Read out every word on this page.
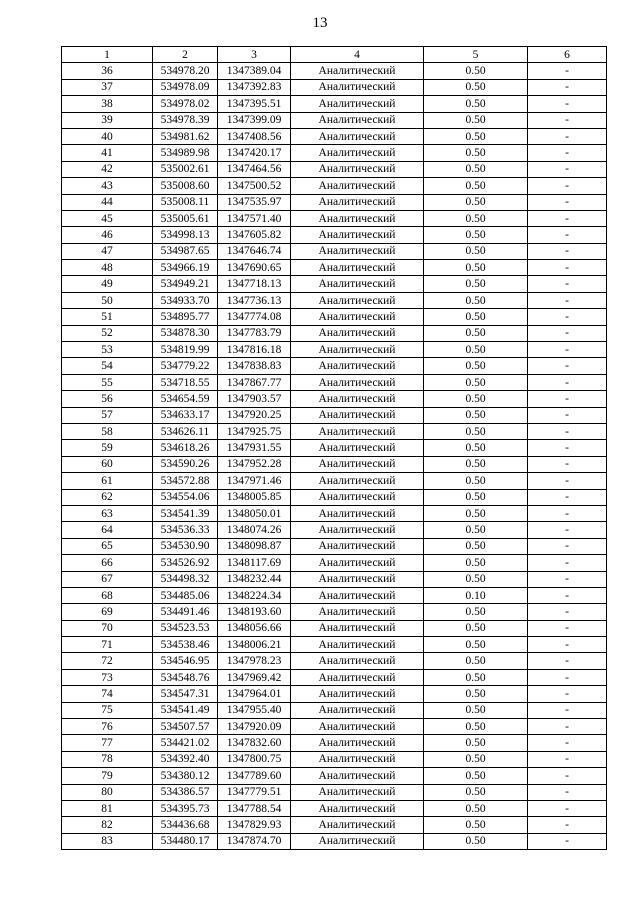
13
1	2	3	4	5	6
36	534978.20	1347389.04	Аналитический	0.50	-
37	534978.09	1347392.83	Аналитический	0.50	-
38	534978.02	1347395.51	Аналитический	0.50	-
39	534978.39	1347399.09	Аналитический	0.50	-
40	534981.62	1347408.56	Аналитический	0.50	-
41	534989.98	1347420.17	Аналитический	0.50	-
42	535002.61	1347464.56	Аналитический	0.50	-
43	535008.60	1347500.52	Аналитический	0.50	-
44	535008.11	1347535.97	Аналитический	0.50	-
45	535005.61	1347571.40	Аналитический	0.50	-
46	534998.13	1347605.82	Аналитический	0.50	-
47	534987.65	1347646.74	Аналитический	0.50	-
48	534966.19	1347690.65	Аналитический	0.50	-
49	534949.21	1347718.13	Аналитический	0.50	-
50	534933.70	1347736.13	Аналитический	0.50	-
51	534895.77	1347774.08	Аналитический	0.50	-
52	534878.30	1347783.79	Аналитический	0.50	-
53	534819.99	1347816.18	Аналитический	0.50	-
54	534779.22	1347838.83	Аналитический	0.50	-
55	534718.55	1347867.77	Аналитический	0.50	-
56	534654.59	1347903.57	Аналитический	0.50	-
57	534633.17	1347920.25	Аналитический	0.50	-
58	534626.11	1347925.75	Аналитический	0.50	-
59	534618.26	1347931.55	Аналитический	0.50	-
60	534590.26	1347952.28	Аналитический	0.50	-
61	534572.88	1347971.46	Аналитический	0.50	-
62	534554.06	1348005.85	Аналитический	0.50	-
63	534541.39	1348050.01	Аналитический	0.50	-
64	534536.33	1348074.26	Аналитический	0.50	-
65	534530.90	1348098.87	Аналитический	0.50	-
66	534526.92	1348117.69	Аналитический	0.50	-
67	534498.32	1348232.44	Аналитический	0.50	-
68	534485.06	1348224.34	Аналитический	0.10	-
69	534491.46	1348193.60	Аналитический	0.50	-
70	534523.53	1348056.66	Аналитический	0.50	-
71	534538.46	1348006.21	Аналитический	0.50	-
72	534546.95	1347978.23	Аналитический	0.50	-
73	534548.76	1347969.42	Аналитический	0.50	-
74	534547.31	1347964.01	Аналитический	0.50	-
75	534541.49	1347955.40	Аналитический	0.50	-
76	534507.57	1347920.09	Аналитический	0.50	-
77	534421.02	1347832.60	Аналитический	0.50	-
78	534392.40	1347800.75	Аналитический	0.50	-
79	534380.12	1347789.60	Аналитический	0.50	-
80	534386.57	1347779.51	Аналитический	0.50	-
81	534395.73	1347788.54	Аналитический	0.50	-
82	534436.68	1347829.93	Аналитический	0.50	-
83	534480.17	1347874.70	Аналитический	0.50	-
